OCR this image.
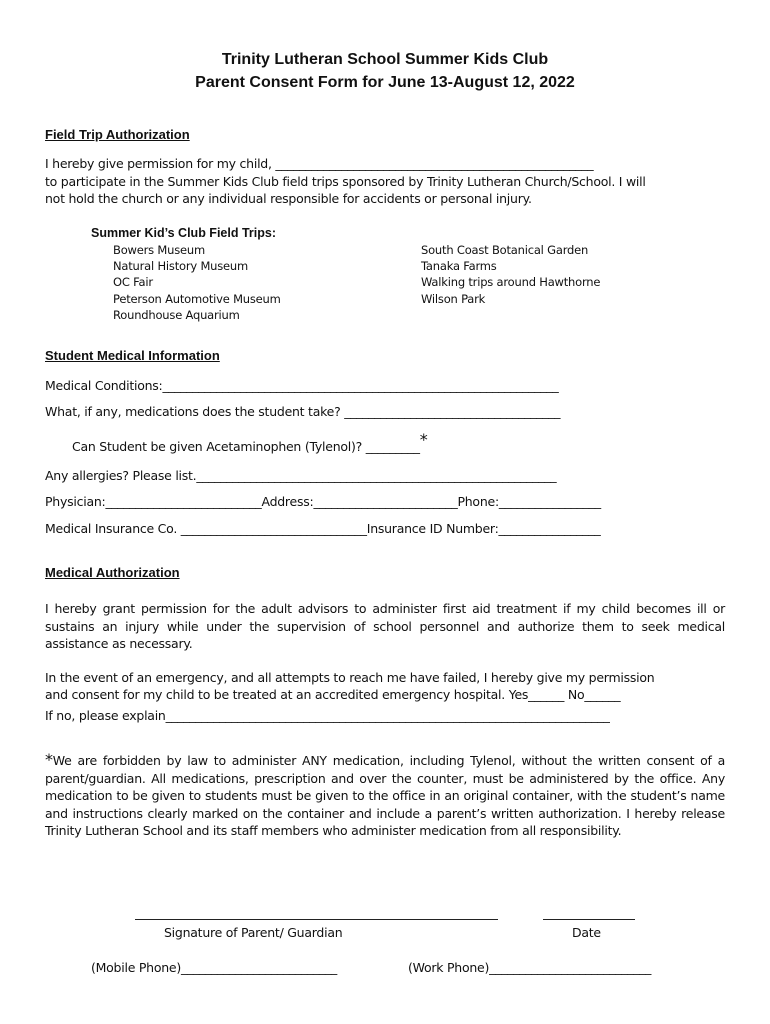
Trinity Lutheran School Summer Kids Club
Parent Consent Form for June 13-August 12, 2022
Field Trip Authorization
I hereby give permission for my child, _____________________________________________________
to participate in the Summer Kids Club field trips sponsored by Trinity Lutheran Church/School. I will
not hold the church or any individual responsible for accidents or personal injury.
Summer Kid’s Club Field Trips:
Bowers Museum
Natural History Museum
OC Fair
Peterson Automotive Museum
Roundhouse Aquarium
South Coast Botanical Garden
Tanaka Farms
Walking trips around Hawthorne
Wilson Park
Student Medical Information
Medical Conditions:__________________________________________________________________
What, if any, medications does the student take? ____________________________________
Can Student be given Acetaminophen (Tylenol)? _________*
Any allergies? Please list.____________________________________________________________
Physician:__________________________Address:________________________Phone:_________________
Medical Insurance Co. _______________________________Insurance ID Number:_________________
Medical Authorization
I hereby grant permission for the adult advisors to administer first aid treatment if my child becomes ill or sustains an injury while under the supervision of school personnel and authorize them to seek medical assistance as necessary.
In the event of an emergency, and all attempts to reach me have failed, I hereby give my permission
and consent for my child to be treated at an accredited emergency hospital. Yes______ No______
If no, please explain__________________________________________________________________________
*We are forbidden by law to administer ANY medication, including Tylenol, without the written consent of a parent/guardian. All medications, prescription and over the counter, must be administered by the office. Any medication to be given to students must be given to the office in an original container, with the student’s name and instructions clearly marked on the container and include a parent’s written authorization. I hereby release Trinity Lutheran School and its staff members who administer medication from all responsibility.
Signature of Parent/ Guardian	Date
(Mobile Phone)__________________________	(Work Phone)___________________________
